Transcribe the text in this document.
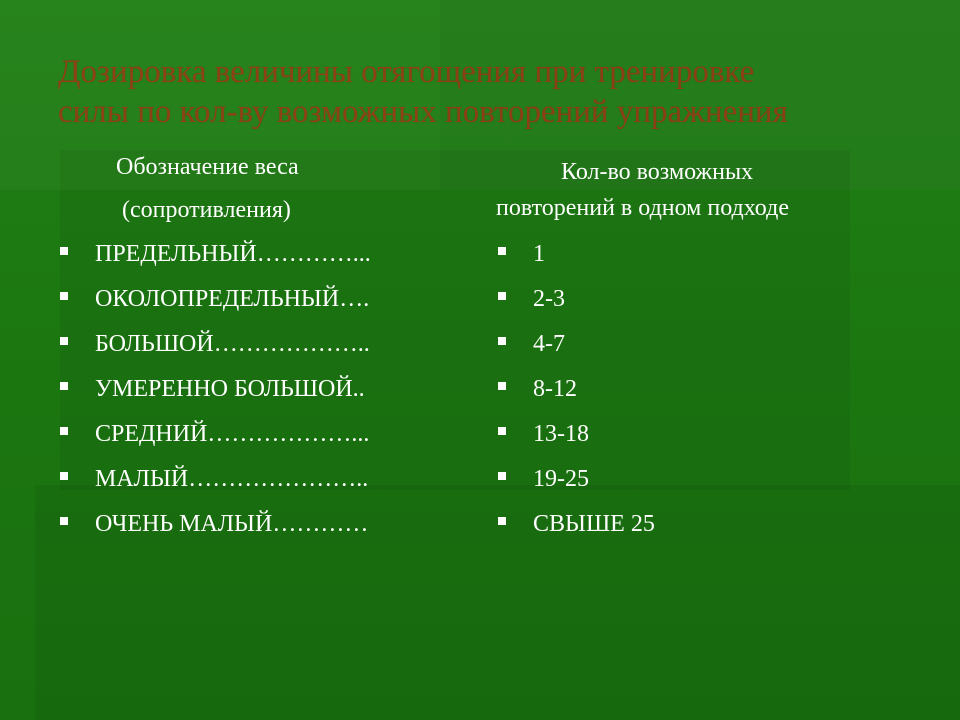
Дозировка величины отягощения при тренировке
силы по кол-ву возможных повторений упражнения
Обозначение веса
(сопротивления)
Кол-во возможных
повторений в одном подходе
ПРЕДЕЛЬНЫЙ…………...
ОКОЛОПРЕДЕЛЬНЫЙ….
БОЛЬШОЙ………………..
УМЕРЕННО БОЛЬШОЙ..
СРЕДНИЙ………………...
МАЛЫЙ…………………..
ОЧЕНЬ МАЛЫЙ…………
1
2-3
4-7
8-12
13-18
19-25
СВЫШЕ 25
